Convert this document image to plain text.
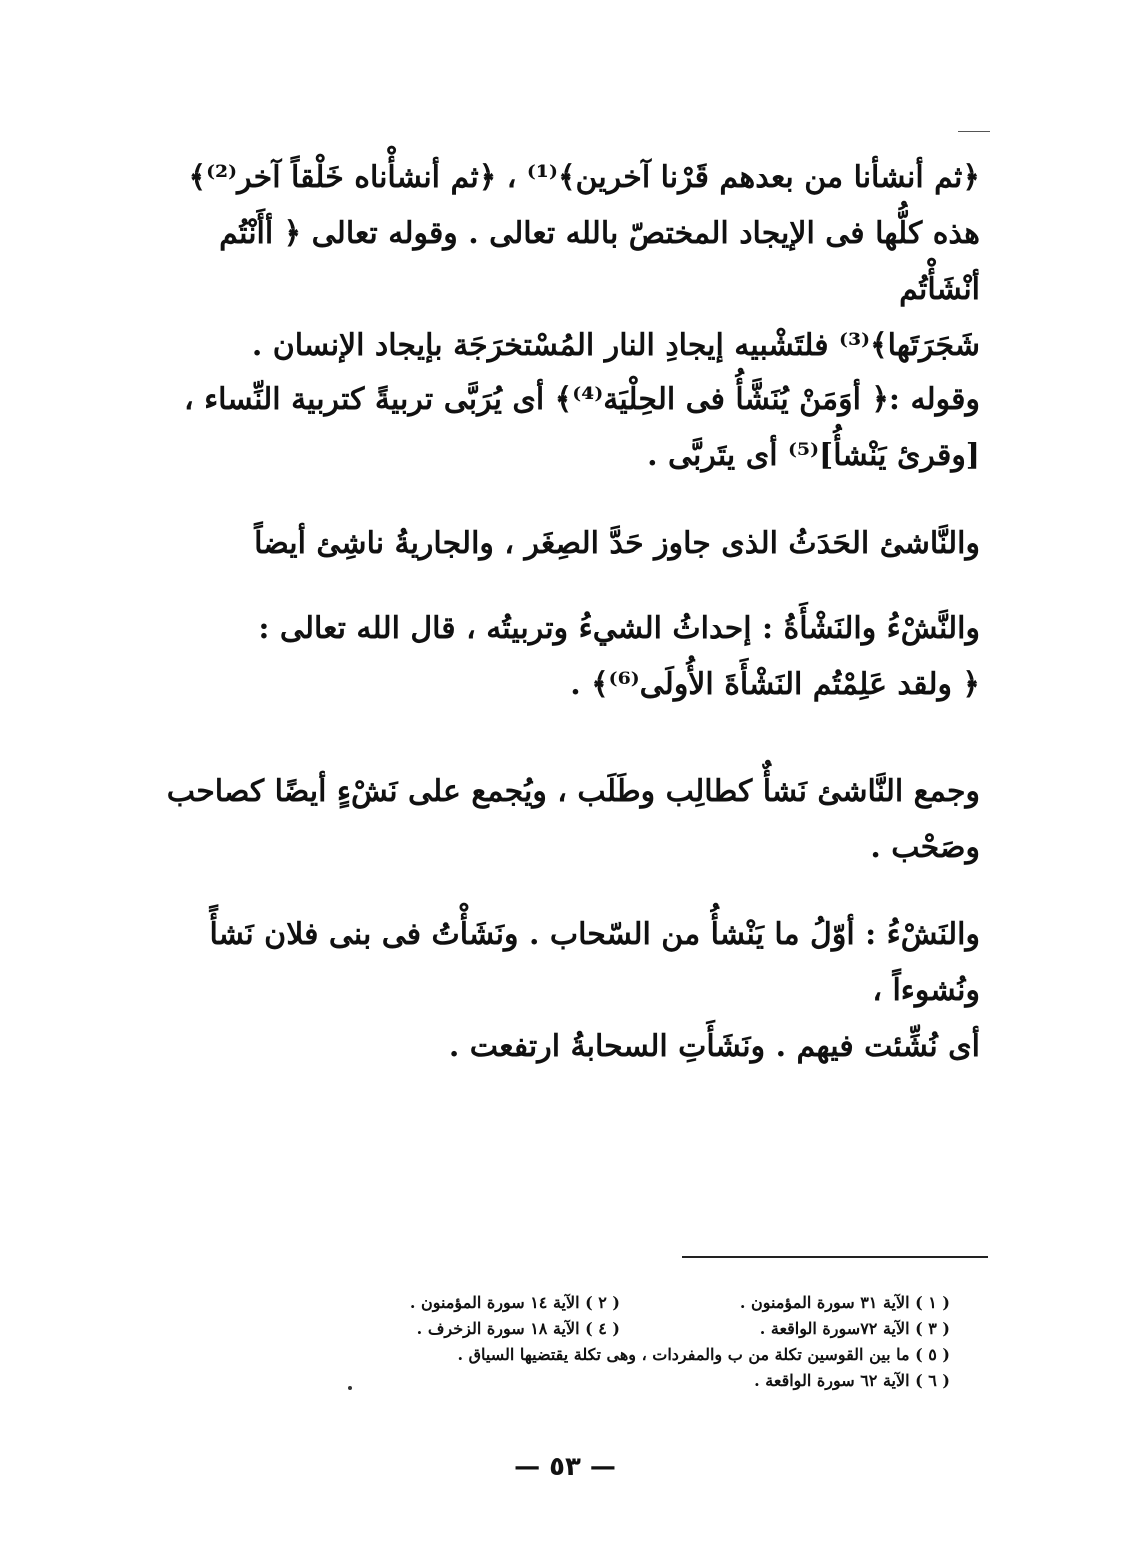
﴿ثم أنشأنا من بعدهم قَرْنا آخرين﴾⁽¹⁾ ، ﴿ثم أنشأْناه خَلْقاً آخر⁽²⁾﴾

هذه كلُّها فى الإيجاد المختصّ بالله تعالى . وقوله تعالى ﴿ أأَنْتُم أنْشَأْتُم

شَجَرَتَها﴾⁽³⁾ فلتَشْبيه إيجادِ النار المُسْتخرَجَة بإيجاد الإنسان .

وقوله :﴿ أوَمَنْ يُنَشَّأُ فى الحِلْيَة⁽⁴⁾﴾ أى يُرَبَّى تربيةً كتربية النِّساء ،

[وقرئ يَنْشأُ]⁽⁵⁾ أى يتَربَّى .

والنَّاشئ الحَدَثُ الذى جاوز حَدَّ الصِغَر ، والجاريةُ ناشِئ أيضاً

والنَّشْءُ والنَشْأَةُ : إحداثُ الشيءُ وتربيتُه ، قال الله تعالى :

﴿ ولقد عَلِمْتُم النَشْأَةَ الأُولَى⁽⁶⁾﴾ .

وجمع النَّاشئ نَشأٌ كطالِب وطَلَب ، ويُجمع على نَشْءٍ أيضًا كصاحب

وصَحْب .

والنَشْءُ : أوّلُ ما يَنْشأُ من السّحاب . ونَشَأْتُ فى بنى فلان نَشأً ونُشوءاً ،

أى نُشِّئت فيهم . ونَشَأَتِ السحابةُ ارتفعت .

( ١ ) الآية ٣١ سورة المؤمنون .
( ٢ ) الآية ١٤ سورة المؤمنون .
( ٣ ) الآية ٧٢سورة الواقعة .
( ٤ ) الآية ١٨ سورة الزخرف .
( ٥ ) ما بين القوسين تكلة من ب والمفردات ، وهى تكلة يقتضيها السياق .
( ٦ ) الآية ٦٢ سورة الواقعة .
— ٥٣ —
